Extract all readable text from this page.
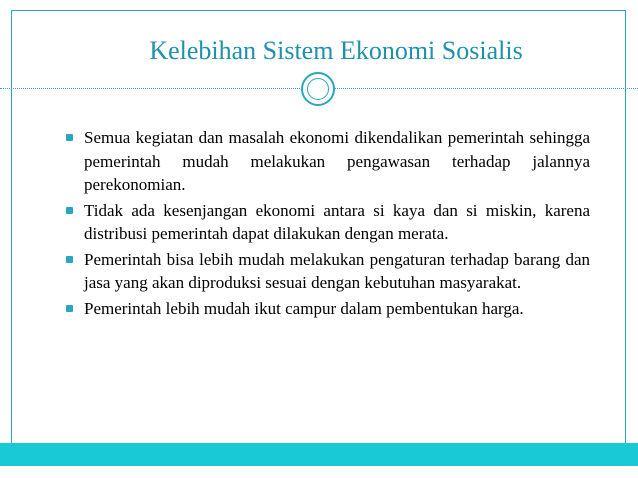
Kelebihan Sistem Ekonomi Sosialis
Semua kegiatan dan masalah ekonomi dikendalikan pemerintah sehingga pemerintah mudah melakukan pengawasan terhadap jalannya perekonomian.
Tidak ada kesenjangan ekonomi antara si kaya dan si miskin, karena distribusi pemerintah dapat dilakukan dengan merata.
Pemerintah bisa lebih mudah melakukan pengaturan terhadap barang dan jasa yang akan diproduksi sesuai dengan kebutuhan masyarakat.
Pemerintah lebih mudah ikut campur dalam pembentukan harga.
